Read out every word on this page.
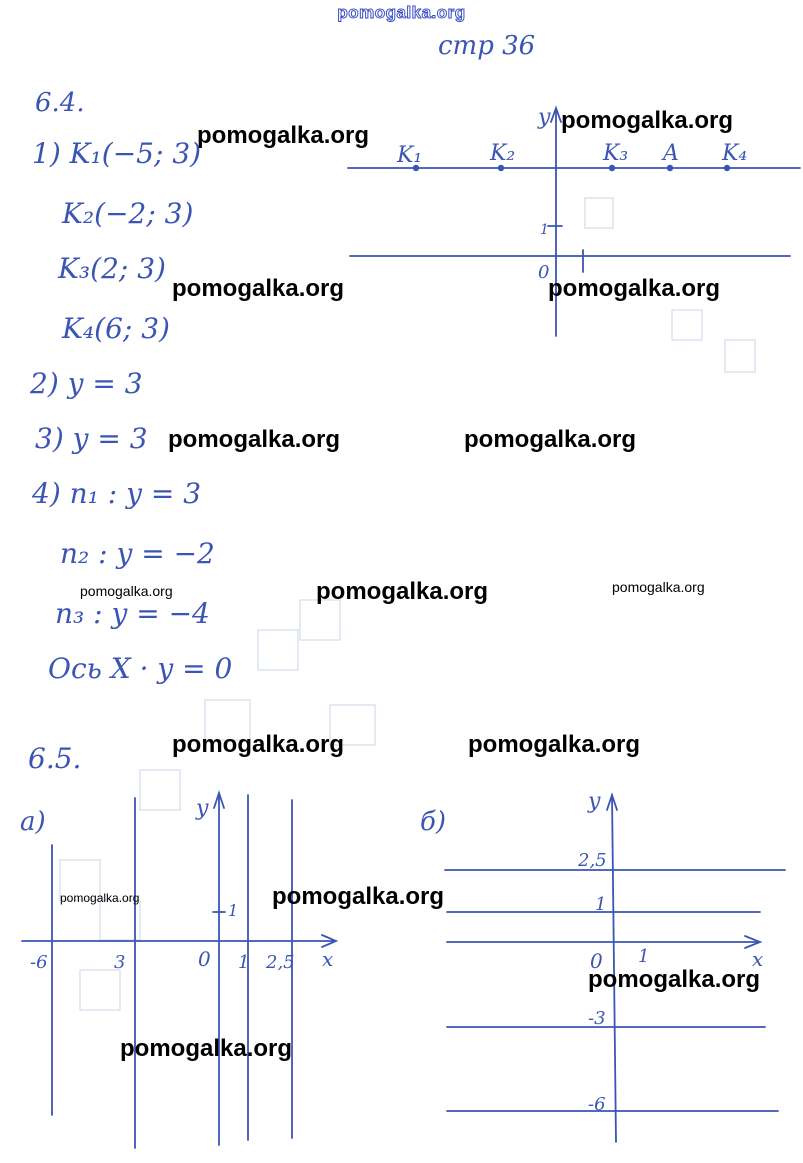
pomogalka.org
стр 36
6.4.
1) K₁(−5; 3)
K₂(−2; 3)
K₃(2; 3)
K₄(6; 3)
2) y = 3
3) y = 3
4) n₁ : y = 3
n₂ : y = −2
n₃ : y = −4
Ось X · y = 0
y
0
1
K₁	K₂	K₃ A K₄
6.5.
а)	y
x
0
1
-6	3	1 2,5
б)
y
x
0 1
2,5
1
-3
-6
pomogalka.org
pomogalka.org
pomogalka.org	pomogalka.org
pomogalka.org	pomogalka.org
pomogalka.org	pomogalka.org	pomogalka.org
pomogalka.org	pomogalka.org
pomogalka.org	pomogalka.org
pomogalka.org
pomogalka.org
